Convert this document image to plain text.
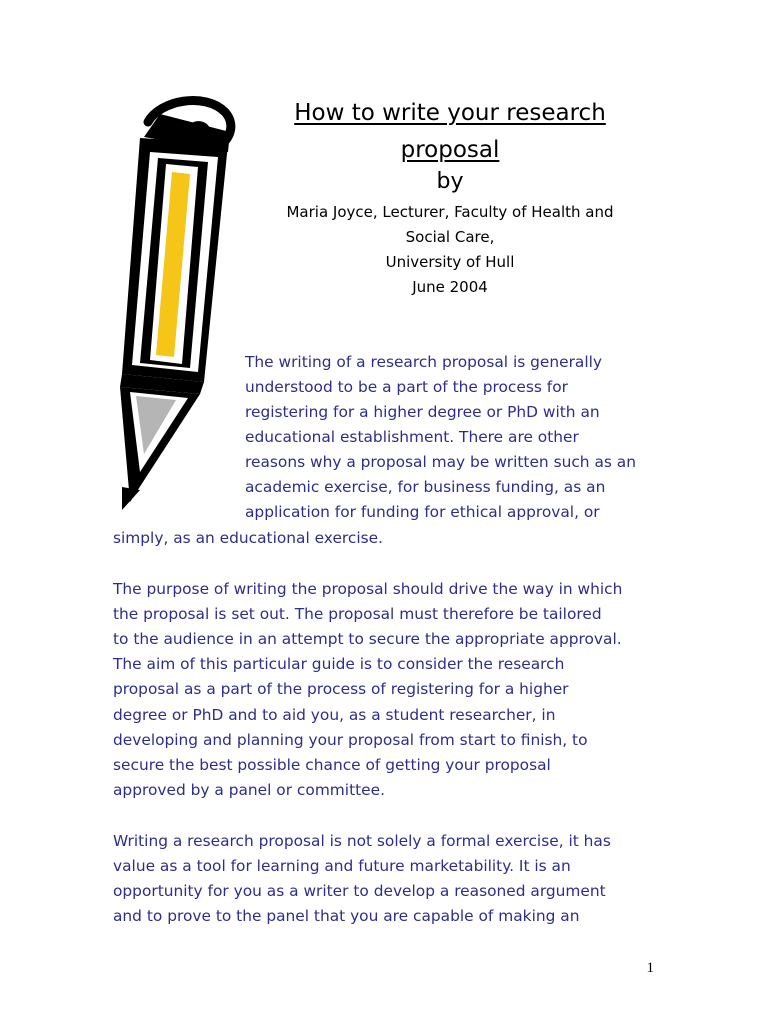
How to write your research
proposal
by
Maria Joyce, Lecturer, Faculty of Health and
Social Care,
University of Hull
June 2004

The writing of a research proposal is generally

understood to be a part of the process for

registering for a higher degree or PhD with an

educational establishment. There are other

reasons why a proposal may be written such as an

academic exercise, for business funding, as an

application for funding for ethical approval, or

simply, as an educational exercise.

The purpose of writing the proposal should drive the way in which

the proposal is set out. The proposal must therefore be tailored

to the audience in an attempt to secure the appropriate approval.

The aim of this particular guide is to consider the research

proposal as a part of the process of registering for a higher

degree or PhD and to aid you, as a student researcher, in

developing and planning your proposal from start to finish, to

secure the best possible chance of getting your proposal

approved by a panel or committee.

Writing a research proposal is not solely a formal exercise, it has

value as a tool for learning and future marketability. It is an

opportunity for you as a writer to develop a reasoned argument

and to prove to the panel that you are capable of making an

1
